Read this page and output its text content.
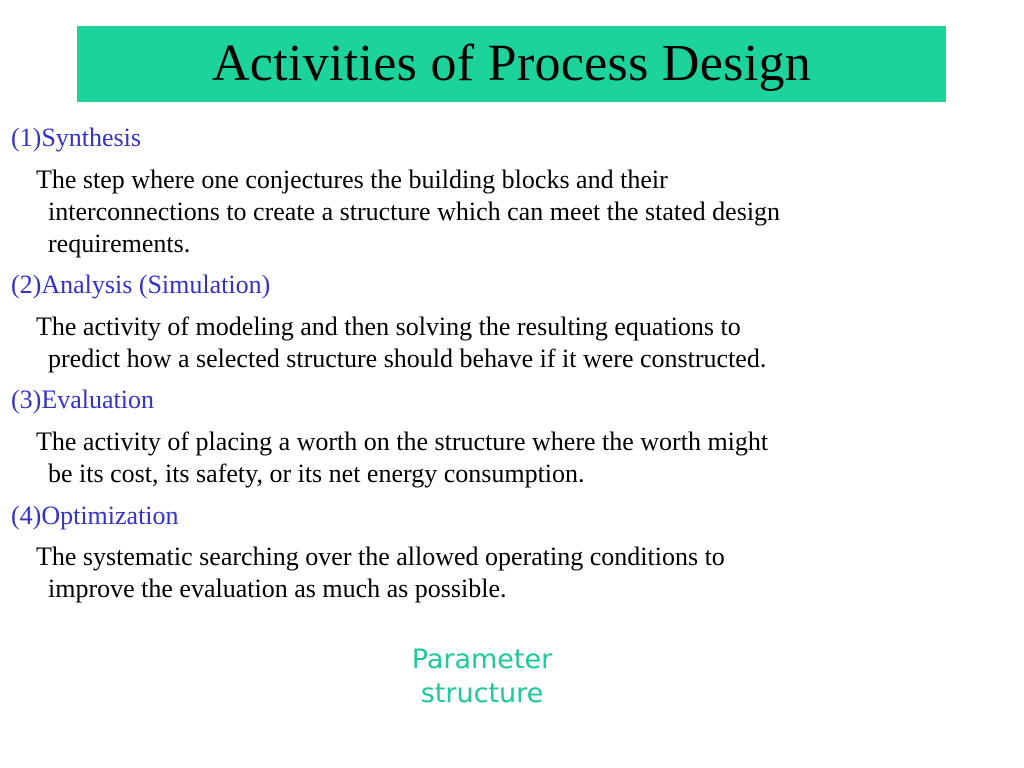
Activities of Process Design
(1)Synthesis
The step where one conjectures the building blocks and their
interconnections to create a structure which can meet the stated design
requirements.
(2)Analysis (Simulation)
The activity of modeling and then solving the resulting equations to
predict how a selected structure should behave if it were constructed.
(3)Evaluation
The activity of placing a worth on the structure where the worth might
be its cost, its safety, or its net energy consumption.
(4)Optimization
The systematic searching over the allowed operating conditions to
improve the evaluation as much as possible.
Parameter
structure
